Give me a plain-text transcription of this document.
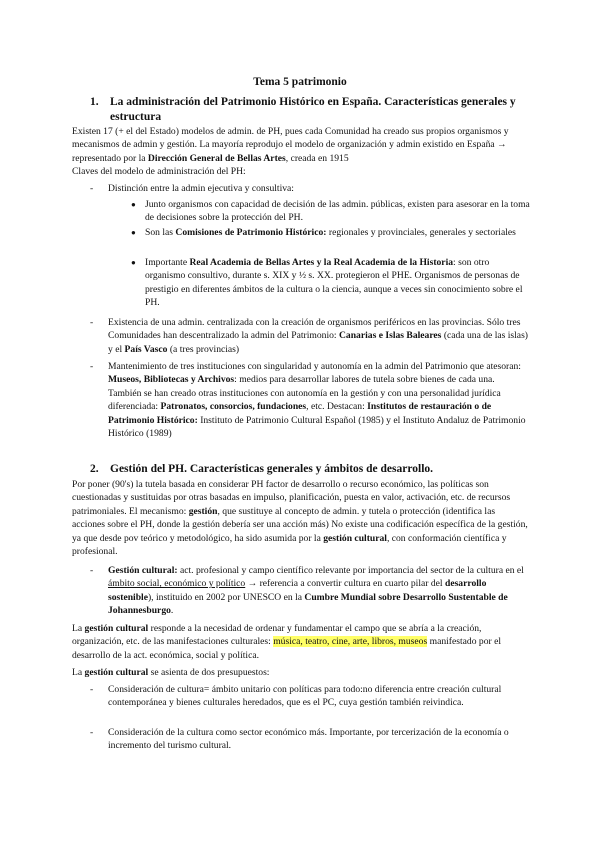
Tema 5 patrimonio
1. La administración del Patrimonio Histórico en España. Características generales y estructura
Existen 17 (+ el del Estado) modelos de admin. de PH, pues cada Comunidad ha creado sus propios organismos y mecanismos de admin y gestión. La mayoría reprodujo el modelo de organización y admin existido en España → representado por la Dirección General de Bellas Artes, creada en 1915
Claves del modelo de administración del PH:
- Distinción entre la admin ejecutiva y consultiva:
● Junto organismos con capacidad de decisión de las admin. públicas, existen para asesorar en la toma de decisiones sobre la protección del PH.
● Son las Comisiones de Patrimonio Histórico: regionales y provinciales, generales y sectoriales
● Importante Real Academia de Bellas Artes y la Real Academia de la Historia: son otro organismo consultivo, durante s. XIX y ½ s. XX. protegieron el PHE. Organismos de personas de prestigio en diferentes ámbitos de la cultura o la ciencia, aunque a veces sin conocimiento sobre el PH.
- Existencia de una admin. centralizada con la creación de organismos periféricos en las provincias. Sólo tres Comunidades han descentralizado la admin del Patrimonio: Canarias e Islas Baleares (cada una de las islas) y el País Vasco (a tres provincias)
- Mantenimiento de tres instituciones con singularidad y autonomía en la admin del Patrimonio que atesoran: Museos, Bibliotecas y Archivos: medios para desarrollar labores de tutela sobre bienes de cada una. También se han creado otras instituciones con autonomía en la gestión y con una personalidad jurídica diferenciada: Patronatos, consorcios, fundaciones, etc. Destacan: Institutos de restauración o de Patrimonio Histórico: Instituto de Patrimonio Cultural Español (1985) y el Instituto Andaluz de Patrimonio Histórico (1989)
2. Gestión del PH. Características generales y ámbitos de desarrollo.
Por poner (90's) la tutela basada en considerar PH factor de desarrollo o recurso económico, las políticas son cuestionadas y sustituidas por otras basadas en impulso, planificación, puesta en valor, activación, etc. de recursos patrimoniales. El mecanismo: gestión, que sustituye al concepto de admin. y tutela o protección (identifica las acciones sobre el PH, donde la gestión debería ser una acción más) No existe una codificación específica de la gestión, ya que desde pov teórico y metodológico, ha sido asumida por la gestión cultural, con conformación científica y profesional.
- Gestión cultural: act. profesional y campo científico relevante por importancia del sector de la cultura en el ámbito social, económico y político → referencia a convertir cultura en cuarto pilar del desarrollo sostenible), instituido en 2002 por UNESCO en la Cumbre Mundial sobre Desarrollo Sustentable de Johannesburgo.
La gestión cultural responde a la necesidad de ordenar y fundamentar el campo que se abría a la creación, organización, etc. de las manifestaciones culturales: música, teatro, cine, arte, libros, museos manifestado por el desarrollo de la act. económica, social y política.
La gestión cultural se asienta de dos presupuestos:
- Consideración de cultura= ámbito unitario con políticas para todo:no diferencia entre creación cultural contemporánea y bienes culturales heredados, que es el PC, cuya gestión también reivindica.
- Consideración de la cultura como sector económico más. Importante, por tercerización de la economía o incremento del turismo cultural.
